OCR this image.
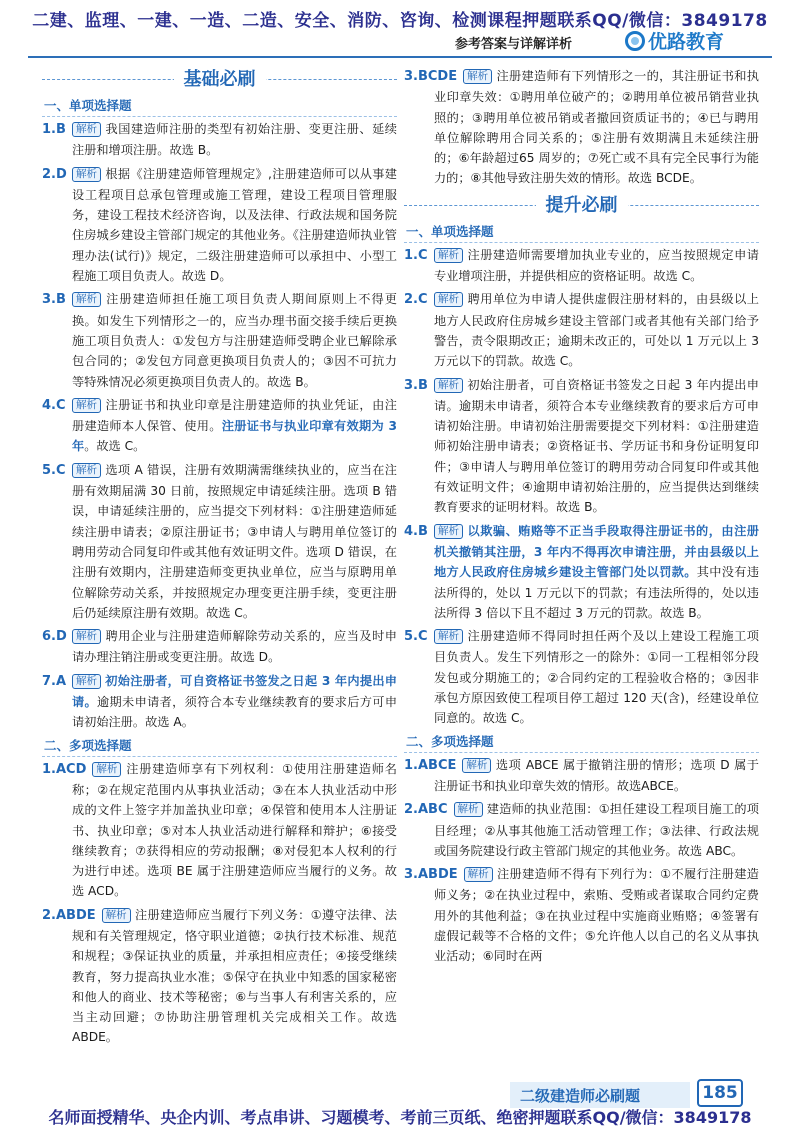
二建、监理、一建、一造、二造、安全、消防、咨询、检测课程押题联系QQ/微信：3849178
参考答案与详解详析	优路教育
基础必刷
一、单项选择题
1.B 解析 我国建造师注册的类型有初始注册、变更注册、延续注册和增项注册。故选 B。
2.D 解析 根据《注册建造师管理规定》,注册建造师可以从事建设工程项目总承包管理或施工管理，建设工程项目管理服务，建设工程技术经济咨询，以及法律、行政法规和国务院住房城乡建设主管部门规定的其他业务。《注册建造师执业管理办法(试行)》规定，二级注册建造师可以承担中、小型工程施工项目负责人。故选 D。
3.B 解析 注册建造师担任施工项目负责人期间原则上不得更换。如发生下列情形之一的，应当办理书面交接手续后更换施工项目负责人：①发包方与注册建造师受聘企业已解除承包合同的；②发包方同意更换项目负责人的；③因不可抗力等特殊情况必须更换项目负责人的。故选 B。
4.C 解析 注册证书和执业印章是注册建造师的执业凭证，由注册建造师本人保管、使用。注册证书与执业印章有效期为 3 年。故选 C。
5.C 解析 选项 A 错误，注册有效期满需继续执业的，应当在注册有效期届满 30 日前，按照规定申请延续注册。选项 B 错误，申请延续注册的，应当提交下列材料：①注册建造师延续注册申请表；②原注册证书；③申请人与聘用单位签订的聘用劳动合同复印件或其他有效证明文件。选项 D 错误，在注册有效期内，注册建造师变更执业单位，应当与原聘用单位解除劳动关系，并按照规定办理变更注册手续，变更注册后仍延续原注册有效期。故选 C。
6.D 解析 聘用企业与注册建造师解除劳动关系的，应当及时申请办理注销注册或变更注册。故选 D。
7.A 解析 初始注册者，可自资格证书签发之日起 3 年内提出申请。逾期未申请者，须符合本专业继续教育的要求后方可申请初始注册。故选 A。
二、多项选择题
1.ACD 解析 注册建造师享有下列权利：①使用注册建造师名称；②在规定范围内从事执业活动；③在本人执业活动中形成的文件上签字并加盖执业印章；④保管和使用本人注册证书、执业印章；⑤对本人执业活动进行解释和辩护；⑥接受继续教育；⑦获得相应的劳动报酬；⑧对侵犯本人权利的行为进行申述。选项 BE 属于注册建造师应当履行的义务。故选 ACD。
2.ABDE 解析 注册建造师应当履行下列义务：①遵守法律、法规和有关管理规定，恪守职业道德；②执行技术标准、规范和规程；③保证执业的质量，并承担相应责任；④接受继续教育，努力提高执业水准；⑤保守在执业中知悉的国家秘密和他人的商业、技术等秘密；⑥与当事人有利害关系的，应当主动回避；⑦协助注册管理机关完成相关工作。故选ABDE。
3.BCDE 解析 注册建造师有下列情形之一的，其注册证书和执业印章失效：①聘用单位破产的；②聘用单位被吊销营业执照的；③聘用单位被吊销或者撤回资质证书的；④已与聘用单位解除聘用合同关系的；⑤注册有效期满且未延续注册的；⑥年龄超过65 周岁的；⑦死亡或不具有完全民事行为能力的；⑧其他导致注册失效的情形。故选 BCDE。
提升必刷
一、单项选择题
1.C 解析 注册建造师需要增加执业专业的，应当按照规定申请专业增项注册，并提供相应的资格证明。故选 C。
2.C 解析 聘用单位为申请人提供虚假注册材料的，由县级以上地方人民政府住房城乡建设主管部门或者其他有关部门给予警告，责令限期改正；逾期未改正的，可处以 1 万元以上 3 万元以下的罚款。故选 C。
3.B 解析 初始注册者，可自资格证书签发之日起 3 年内提出申请。逾期未申请者，须符合本专业继续教育的要求后方可申请初始注册。申请初始注册需要提交下列材料：①注册建造师初始注册申请表；②资格证书、学历证书和身份证明复印件；③申请人与聘用单位签订的聘用劳动合同复印件或其他有效证明文件；④逾期申请初始注册的，应当提供达到继续教育要求的证明材料。故选 B。
4.B 解析 以欺骗、贿赂等不正当手段取得注册证书的，由注册机关撤销其注册，3 年内不得再次申请注册，并由县级以上地方人民政府住房城乡建设主管部门处以罚款。其中没有违法所得的，处以 1 万元以下的罚款；有违法所得的，处以违法所得 3 倍以下且不超过 3 万元的罚款。故选 B。
5.C 解析 注册建造师不得同时担任两个及以上建设工程施工项目负责人。发生下列情形之一的除外：①同一工程相邻分段发包或分期施工的；②合同约定的工程验收合格的；③因非承包方原因致使工程项目停工超过 120 天(含)，经建设单位同意的。故选 C。
二、多项选择题
1.ABCE 解析 选项 ABCE 属于撤销注册的情形；选项 D 属于注册证书和执业印章失效的情形。故选ABCE。
2.ABC 解析 建造师的执业范围：①担任建设工程项目施工的项目经理；②从事其他施工活动管理工作；③法律、行政法规或国务院建设行政主管部门规定的其他业务。故选 ABC。
3.ABDE 解析 注册建造师不得有下列行为：①不履行注册建造师义务；②在执业过程中，索贿、受贿或者谋取合同约定费用外的其他利益；③在执业过程中实施商业贿赂；④签署有虚假记载等不合格的文件；⑤允许他人以自己的名义从事执业活动；⑥同时在两
二级建造师必刷题	185
名师面授精华、央企内训、考点串讲、习题模考、考前三页纸、绝密押题联系QQ/微信：3849178
